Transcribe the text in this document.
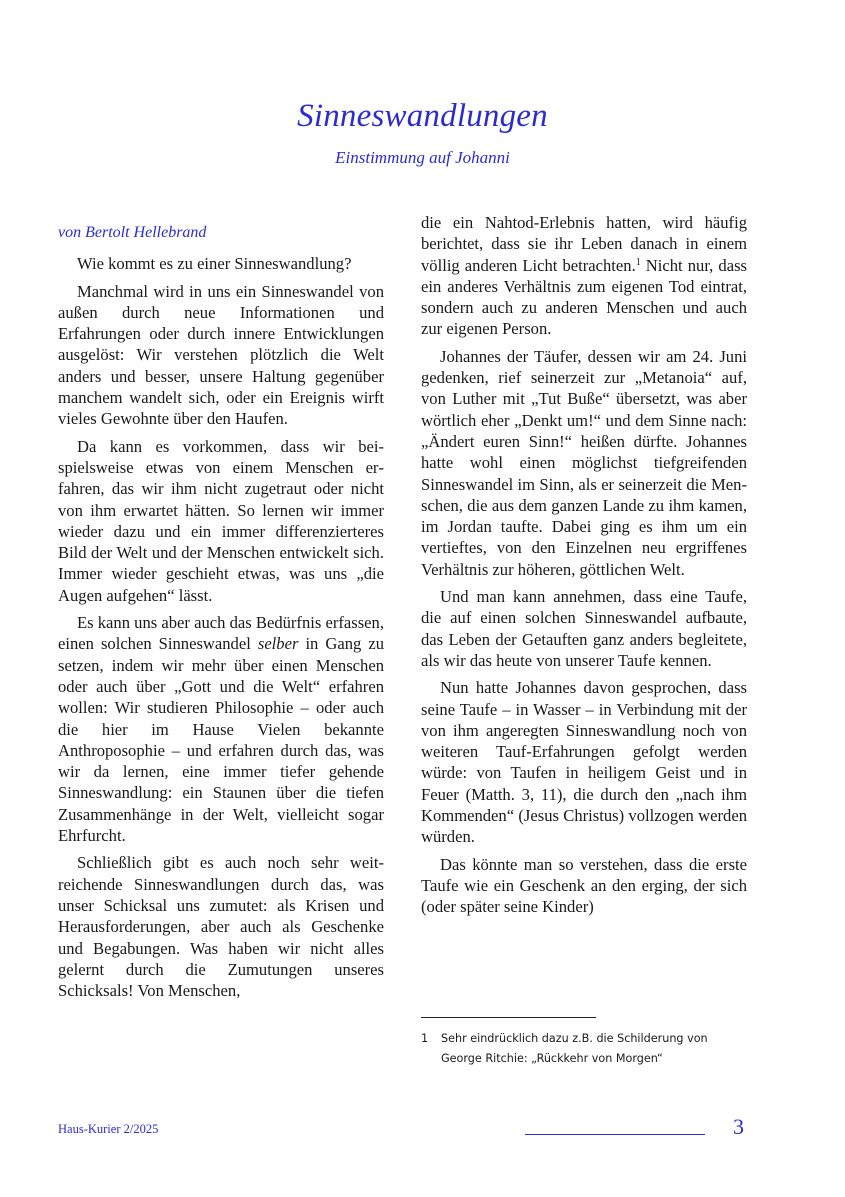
Sinneswandlungen
Einstimmung auf Johanni
von Bertolt Hellebrand

Wie kommt es zu einer Sinneswandlung?

Manchmal wird in uns ein Sinneswandel von außen durch neue Informationen und Erfahrungen oder durch innere Entwicklungen ausgelöst: Wir verstehen plötzlich die Welt anders und besser, unsere Haltung gegenüber manchem wandelt sich, oder ein Ereignis wirft vieles Gewohnte über den Haufen.

Da kann es vorkommen, dass wir beispielsweise etwas von einem Menschen erfahren, das wir ihm nicht zugetraut oder nicht von ihm erwartet hätten. So lernen wir immer wieder dazu und ein immer differenzierteres Bild der Welt und der Menschen entwickelt sich. Immer wieder geschieht etwas, was uns „die Augen aufgehen“ lässt.

Es kann uns aber auch das Bedürfnis erfassen, einen solchen Sinneswandel selber in Gang zu setzen, indem wir mehr über einen Menschen oder auch über „Gott und die Welt“ erfahren wollen: Wir studieren Philosophie – oder auch die hier im Hause Vielen bekannte Anthroposophie – und erfahren durch das, was wir da lernen, eine immer tiefer gehende Sinneswandlung: ein Staunen über die tiefen Zusammenhänge in der Welt, vielleicht sogar Ehrfurcht.

Schließlich gibt es auch noch sehr weitreichende Sinneswandlungen durch das, was unser Schicksal uns zumutet: als Krisen und Herausforderungen, aber auch als Geschenke und Begabungen. Was haben wir nicht alles gelernt durch die Zumutungen unseres Schicksals! Von Menschen,

die ein Nahtod-Erlebnis hatten, wird häufig berichtet, dass sie ihr Leben danach in einem völlig anderen Licht betrachten.$^1$ Nicht nur, dass ein anderes Verhältnis zum eigenen Tod eintrat, sondern auch zu anderen Menschen und auch zur eigenen Person.

Johannes der Täufer, dessen wir am 24. Juni gedenken, rief seinerzeit zur „Metanoia“ auf, von Luther mit „Tut Buße“ übersetzt, was aber wörtlich eher „Denkt um!“ und dem Sinne nach: „Ändert euren Sinn!“ heißen dürfte. Johannes hatte wohl einen möglichst tiefgreifenden Sinneswandel im Sinn, als er seinerzeit die Menschen, die aus dem ganzen Lande zu ihm kamen, im Jordan taufte. Dabei ging es ihm um ein vertieftes, von den Einzelnen neu ergriffenes Verhältnis zur höheren, göttlichen Welt.

Und man kann annehmen, dass eine Taufe, die auf einen solchen Sinneswandel aufbaute, das Leben der Getauften ganz anders begleitete, als wir das heute von unserer Taufe kennen.

Nun hatte Johannes davon gesprochen, dass seine Taufe – in Wasser – in Verbindung mit der von ihm angeregten Sinneswandlung noch von weiteren Tauf-Erfahrungen gefolgt werden würde: von Taufen in heiligem Geist und in Feuer (Matth. 3, 11), die durch den „nach ihm Kommenden“ (Jesus Christus) vollzogen werden würden.

Das könnte man so verstehen, dass die erste Taufe wie ein Geschenk an den erging, der sich (oder später seine Kinder)

1 Sehr eindrücklich dazu z.B. die Schilderung von
George Ritchie: „Rückkehr von Morgen“
Haus-Kurier 2/2025	3
